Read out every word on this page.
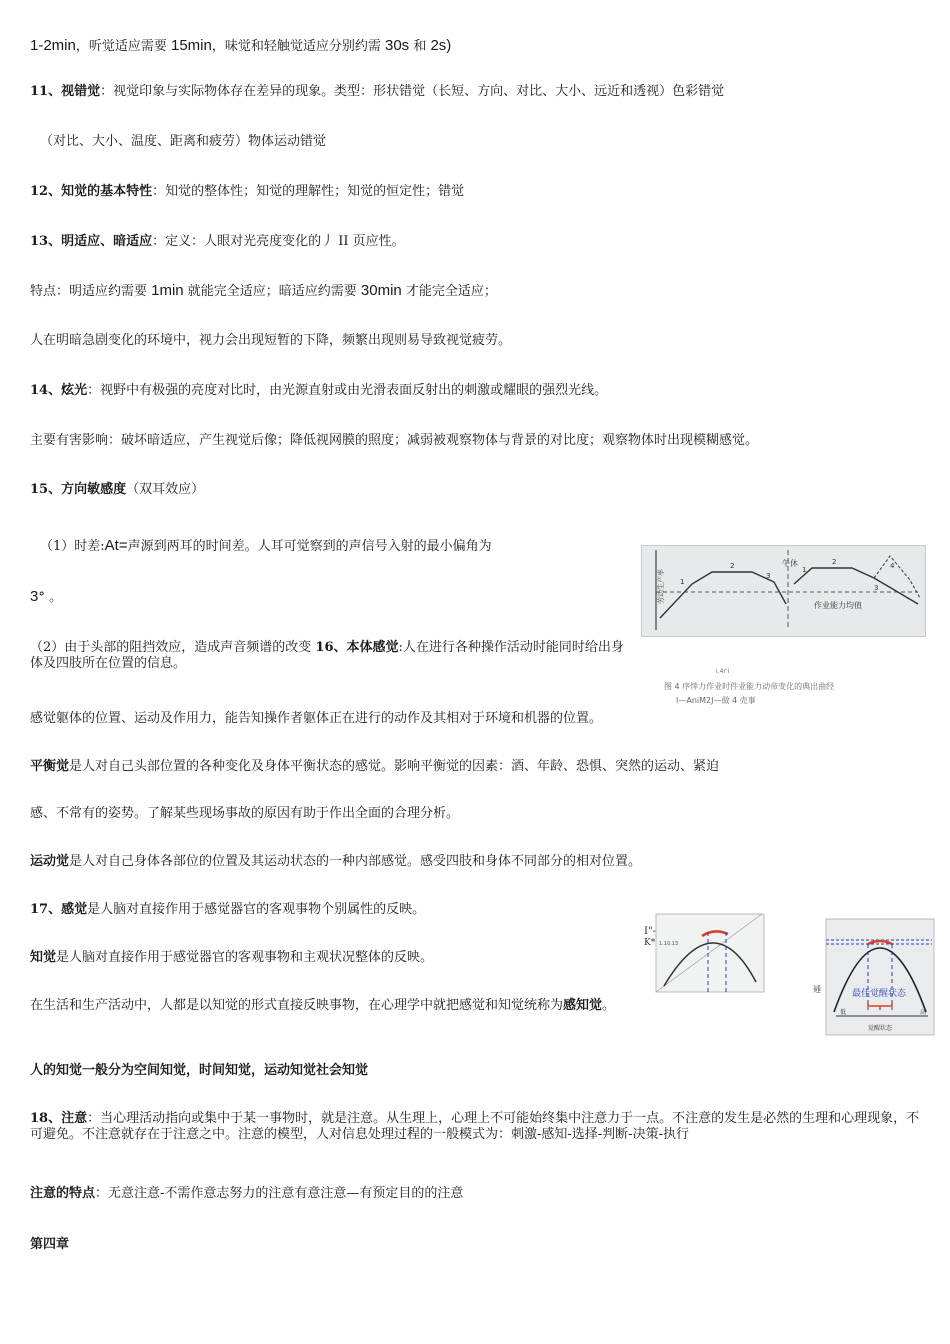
1-2min，听觉适应需要 15min，味觉和轻触觉适应分别约需 30s 和 2s)
11、视错觉：视觉印象与实际物体存在差异的现象。类型：形状错觉（长短、方向、对比、大小、远近和透视）色彩错觉
（对比、大小、温度、距离和疲劳）物体运动错觉
12、知觉的基本特性：知觉的整体性；知觉的理解性；知觉的恒定性；错觉
13、明适应、暗适应：定义：人眼对光亮度变化的丿 II 页应性。
特点：明适应约需要 1min 就能完全适应；暗适应约需要 30min 才能完全适应；
人在明暗急剧变化的环境中，视力会出现短暂的下降，频繁出现则易导致视觉疲劳。
14、炫光：视野中有极强的亮度对比时，由光源直射或由光滑表面反射出的刺激或耀眼的强烈光线。
主要有害影响：破坏暗适应，产生视觉后像；降低视网膜的照度；减弱被观察物体与背景的对比度；观察物体时出现模糊感觉。
15、方向敏感度（双耳效应）
（1）时差:At=声源到两耳的时间差。人耳可觉察到的声信号入射的最小偏角为
3° 。
（2）由于头部的阻挡效应，造成声音频谱的改变 16、本体感觉:人在进行各种操作活动时能同时给出身体及四肢所在位置的信息。
感觉躯体的位置、运动及作用力，能告知操作者躯体正在进行的动作及其相对于环境和机器的位置。
平衡觉是人对自己头部位置的各种变化及身体平衡状态的感觉。影响平衡觉的因素：酒、年龄、恐惧、突然的运动、紧迫
感、不常有的姿势。了解某些现场事故的原因有助于作出全面的合理分析。
运动觉是人对自己身体各部位的位置及其运动状态的一种内部感觉。感受四肢和身体不同部分的相对位置。
17、感觉是人脑对直接作用于感觉器官的客观事物个别属性的反映。
知觉是人脑对直接作用于感觉器官的客观事物和主观状况整体的反映。
在生活和生产活动中，人都是以知觉的形式直接反映事物，在心理学中就把感觉和知觉统称为感知觉。
人的知觉一般分为空间知觉，时间知觉，运动知觉社会知觉
18、注意：当心理活动指向或集中于某一事物时，就是注意。从生理上，心理上不可能始终集中注意力于一点。不注意的发生是必然的生理和心理现象，不可避免。不注意就存在于注意之中。注意的模型，人对信息处理过程的一般模式为：刺激-感知-选择-判断-决策-执行
注意的特点：无意注意-不需作意志努力的注意有意注意—有预定目的的注意
第四章
劳动生产率
午休
作业能力均值
1
2
3
1
2
3
4
i.4r'i
图 4 序悻力作业时件业能力动帝变化的典出曲经
I—AniM2J—做 4 壳事
I"-
K* 1.10.13
逓	最佳觉醒状态
低	高
觉醒状态
